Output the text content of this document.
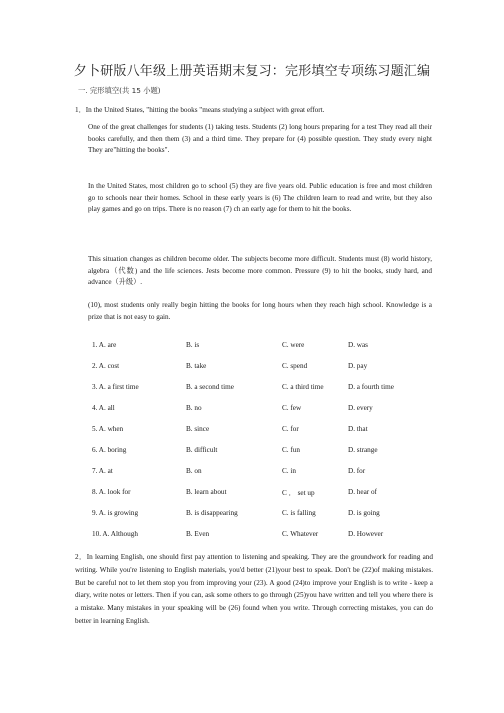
夕卜研版八年级上册英语期末复习：完形填空专项练习题汇编
一. 完形填空(共 15 小题)
1．In the United States, "hitting the books "means studying a subject with great effort.
One of the great challenges for students (1) taking tests. Students (2) long hours preparing for a test They read all their books carefully, and then them (3) and a third time. They prepare for (4) possible question. They study every night They are"hitting the books".
In the United States, most children go to school (5) they are five years old. Public education is free and most children go to schools near their homes. School in these early years is (6) The children learn to read and write, but they also play games and go on trips. There is no reason (7) ch an early age for them to hit the books.
This situation changes as children become older. The subjects become more difficult. Students must (8) world history, algebra（代数) and the life sciences. Jests become more common. Pressure (9) to hit the books, study hard, and advance（升级）.
(10), most students only really begin hitting the books for long hours when they reach high school. Knowledge is a prize that is not easy to gain.
1. A. are	B. is	C. were	D. was
2. A. cost	B. take	C. spend	D. pay
3. A. a first time	B. a second time	C. a third time	D. a fourth time
4. A. all	B. no	C. few	D. every
5. A. when	B. since	C. for	D. that
6. A. boring	B. difficult	C. fun	D. strange
7. A. at	B. on	C. in	D. for
8. A. look for	B. learn about	C ． set up	D. hear of
9. A. is growing	B. is disappearing	C. is falling	D. is going
10. A. Although	B. Even	C. Whatever	D. However
2．In learning English, one should first pay attention to listening and speaking. They are the groundwork for reading and writing. While you're listening to English materials, you'd better (21)your best to speak. Don't be (22)of making mistakes. But be careful not to let them stop you from improving your (23). A good (24)to improve your English is to write - keep a diary, write notes or letters. Then if you can, ask some others to go through (25)you have written and tell you where there is a mistake. Many mistakes in your speaking will be (26) found when you write. Through correcting mistakes, you can do better in learning English.
